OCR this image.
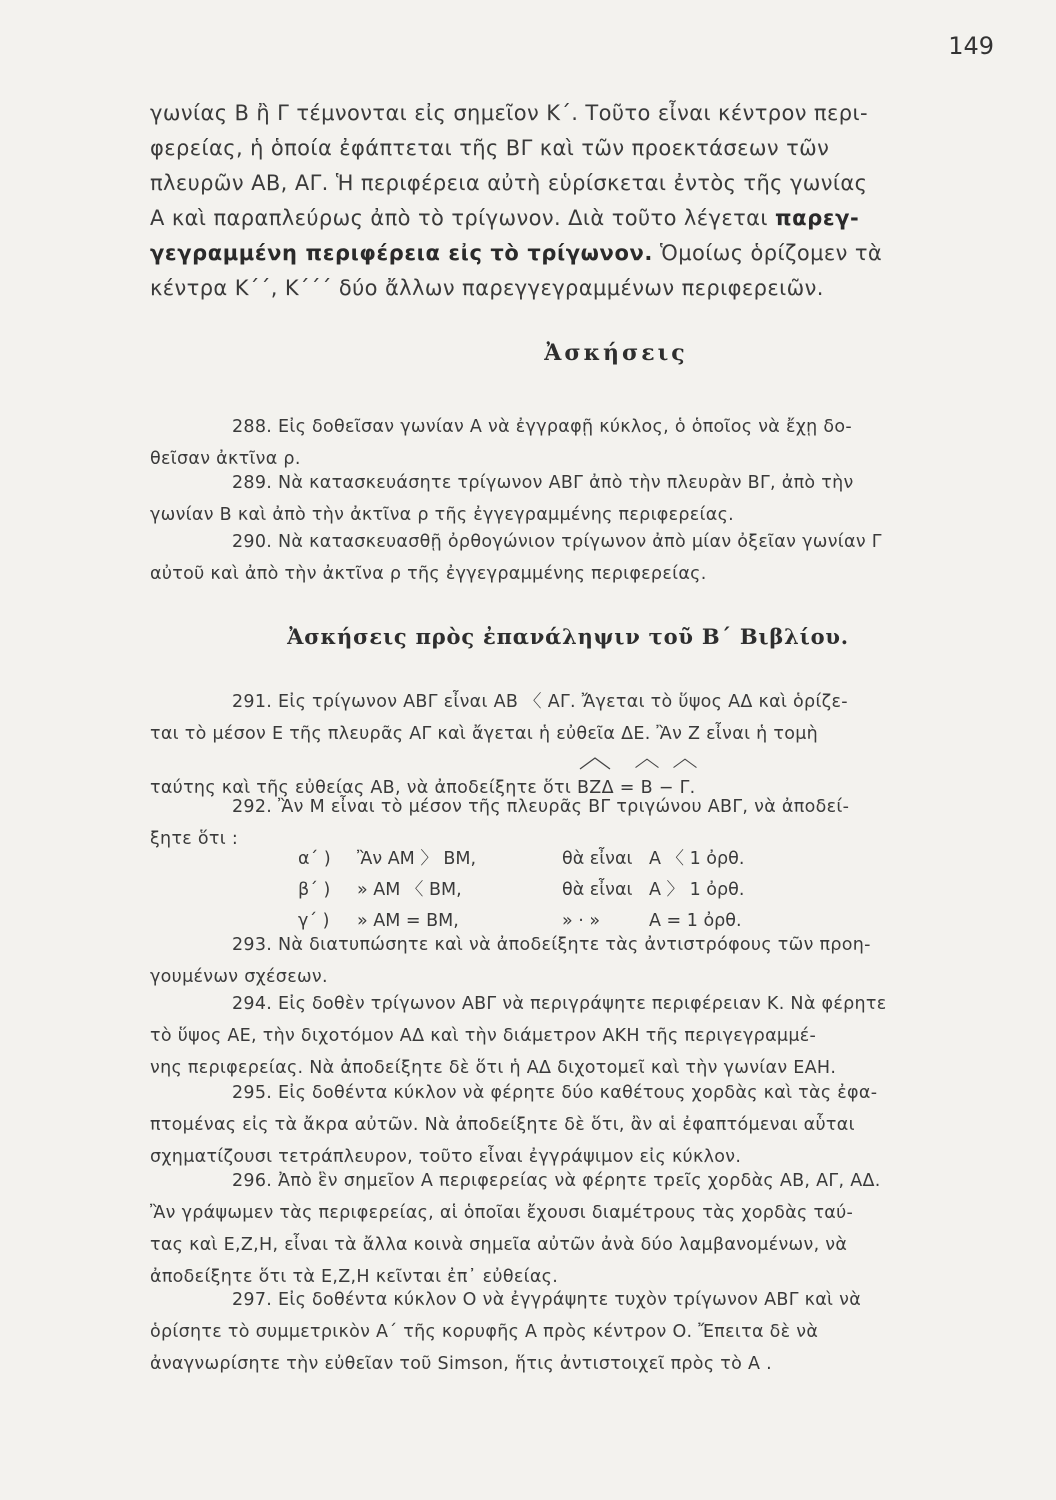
149
γωνίας Β ἢ Γ τέμνονται εἰς σημεῖον Κ΄. Τοῦτο εἶναι κέντρον περι-
φερείας, ἡ ὁποία ἐφάπτεται τῆς ΒΓ καὶ τῶν προεκτάσεων τῶν
πλευρῶν ΑΒ, ΑΓ. Ἡ περιφέρεια αὐτὴ εὑρίσκεται ἐντὸς τῆς γωνίας
Α καὶ παραπλεύρως ἀπὸ τὸ τρίγωνον. Διὰ τοῦτο λέγεται παρεγ-
γεγραμμένη περιφέρεια εἰς τὸ τρίγωνον. Ὁμοίως ὁρίζομεν τὰ
κέντρα Κ΄΄, Κ΄΄΄ δύο ἄλλων παρεγγεγραμμένων περιφερειῶν.
Ἀσκήσεις
288. Εἰς δοθεῖσαν γωνίαν Α νὰ ἐγγραφῇ κύκλος, ὁ ὁποῖος νὰ ἔχῃ δο-
θεῖσαν ἀκτῖνα ρ.
289. Νὰ κατασκευάσητε τρίγωνον ΑΒΓ ἀπὸ τὴν πλευρὰν ΒΓ, ἀπὸ τὴν
γωνίαν Β καὶ ἀπὸ τὴν ἀκτῖνα ρ τῆς ἐγγεγραμμένης περιφερείας.
290. Νὰ κατασκευασθῇ ὀρθογώνιον τρίγωνον ἀπὸ μίαν ὀξεῖαν γωνίαν Γ
αὐτοῦ καὶ ἀπὸ τὴν ἀκτῖνα ρ τῆς ἐγγεγραμμένης περιφερείας.
Ἀσκήσεις πρὸς ἐπανάληψιν τοῦ Β΄ Βιβλίου.
291. Εἰς τρίγωνον ΑΒΓ εἶναι ΑΒ 〈 ΑΓ. Ἄγεται τὸ ὕψος ΑΔ καὶ ὁρίζε-
ται τὸ μέσον Ε τῆς πλευρᾶς ΑΓ καὶ ἄγεται ἡ εὐθεῖα ΔΕ. Ἂν Ζ εἶναι ἡ τομὴ
ταύτης καὶ τῆς εὐθείας ΑΒ, νὰ ἀποδείξητε ὅτι ΒΖΔ =
Β −
Γ.
292. Ἂν Μ εἶναι τὸ μέσον τῆς πλευρᾶς ΒΓ τριγώνου ΑΒΓ, νὰ ἀποδεί-
ξητε ὅτι :
α΄ ) Ἂν ΑΜ 〉 ΒΜ,	θὰ εἶναι Α 〈 1 ὀρθ.
β΄ ) » ΑΜ 〈 ΒΜ,	θὰ εἶναι Α 〉 1 ὀρθ.
γ΄ ) » ΑΜ = ΒΜ,	» · »	Α = 1 ὀρθ.
293. Νὰ διατυπώσητε καὶ νὰ ἀποδείξητε τὰς ἀντιστρόφους τῶν προη-
γουμένων σχέσεων.
294. Εἰς δοθὲν τρίγωνον ΑΒΓ νὰ περιγράψητε περιφέρειαν Κ. Νὰ φέρητε
τὸ ὕψος ΑΕ, τὴν διχοτόμον ΑΔ καὶ τὴν διάμετρον ΑΚΗ τῆς περιγεγραμμέ-
νης περιφερείας. Νὰ ἀποδείξητε δὲ ὅτι ἡ ΑΔ διχοτομεῖ καὶ τὴν γωνίαν ΕΑΗ.
295. Εἰς δοθέντα κύκλον νὰ φέρητε δύο καθέτους χορδὰς καὶ τὰς ἐφα-
πτομένας εἰς τὰ ἄκρα αὐτῶν. Νὰ ἀποδείξητε δὲ ὅτι, ἂν αἱ ἐφαπτόμεναι αὗται
σχηματίζουσι τετράπλευρον, τοῦτο εἶναι ἐγγράψιμον εἰς κύκλον.
296. Ἀπὸ ἓν σημεῖον Α περιφερείας νὰ φέρητε τρεῖς χορδὰς ΑΒ, ΑΓ, ΑΔ.
Ἂν γράψωμεν τὰς περιφερείας, αἱ ὁποῖαι ἔχουσι διαμέτρους τὰς χορδὰς ταύ-
τας καὶ Ε,Ζ,Η, εἶναι τὰ ἄλλα κοινὰ σημεῖα αὐτῶν ἀνὰ δύο λαμβανομένων, νὰ
ἀποδείξητε ὅτι τὰ Ε,Ζ,Η κεῖνται ἐπ᾽ εὐθείας.
297. Εἰς δοθέντα κύκλον Ο νὰ ἐγγράψητε τυχὸν τρίγωνον ΑΒΓ καὶ νὰ
ὁρίσητε τὸ συμμετρικὸν Α΄ τῆς κορυφῆς Α πρὸς κέντρον Ο. Ἔπειτα δὲ νὰ
ἀναγνωρίσητε τὴν εὐθεῖαν τοῦ Simson, ἥτις ἀντιστοιχεῖ πρὸς τὸ Α .
